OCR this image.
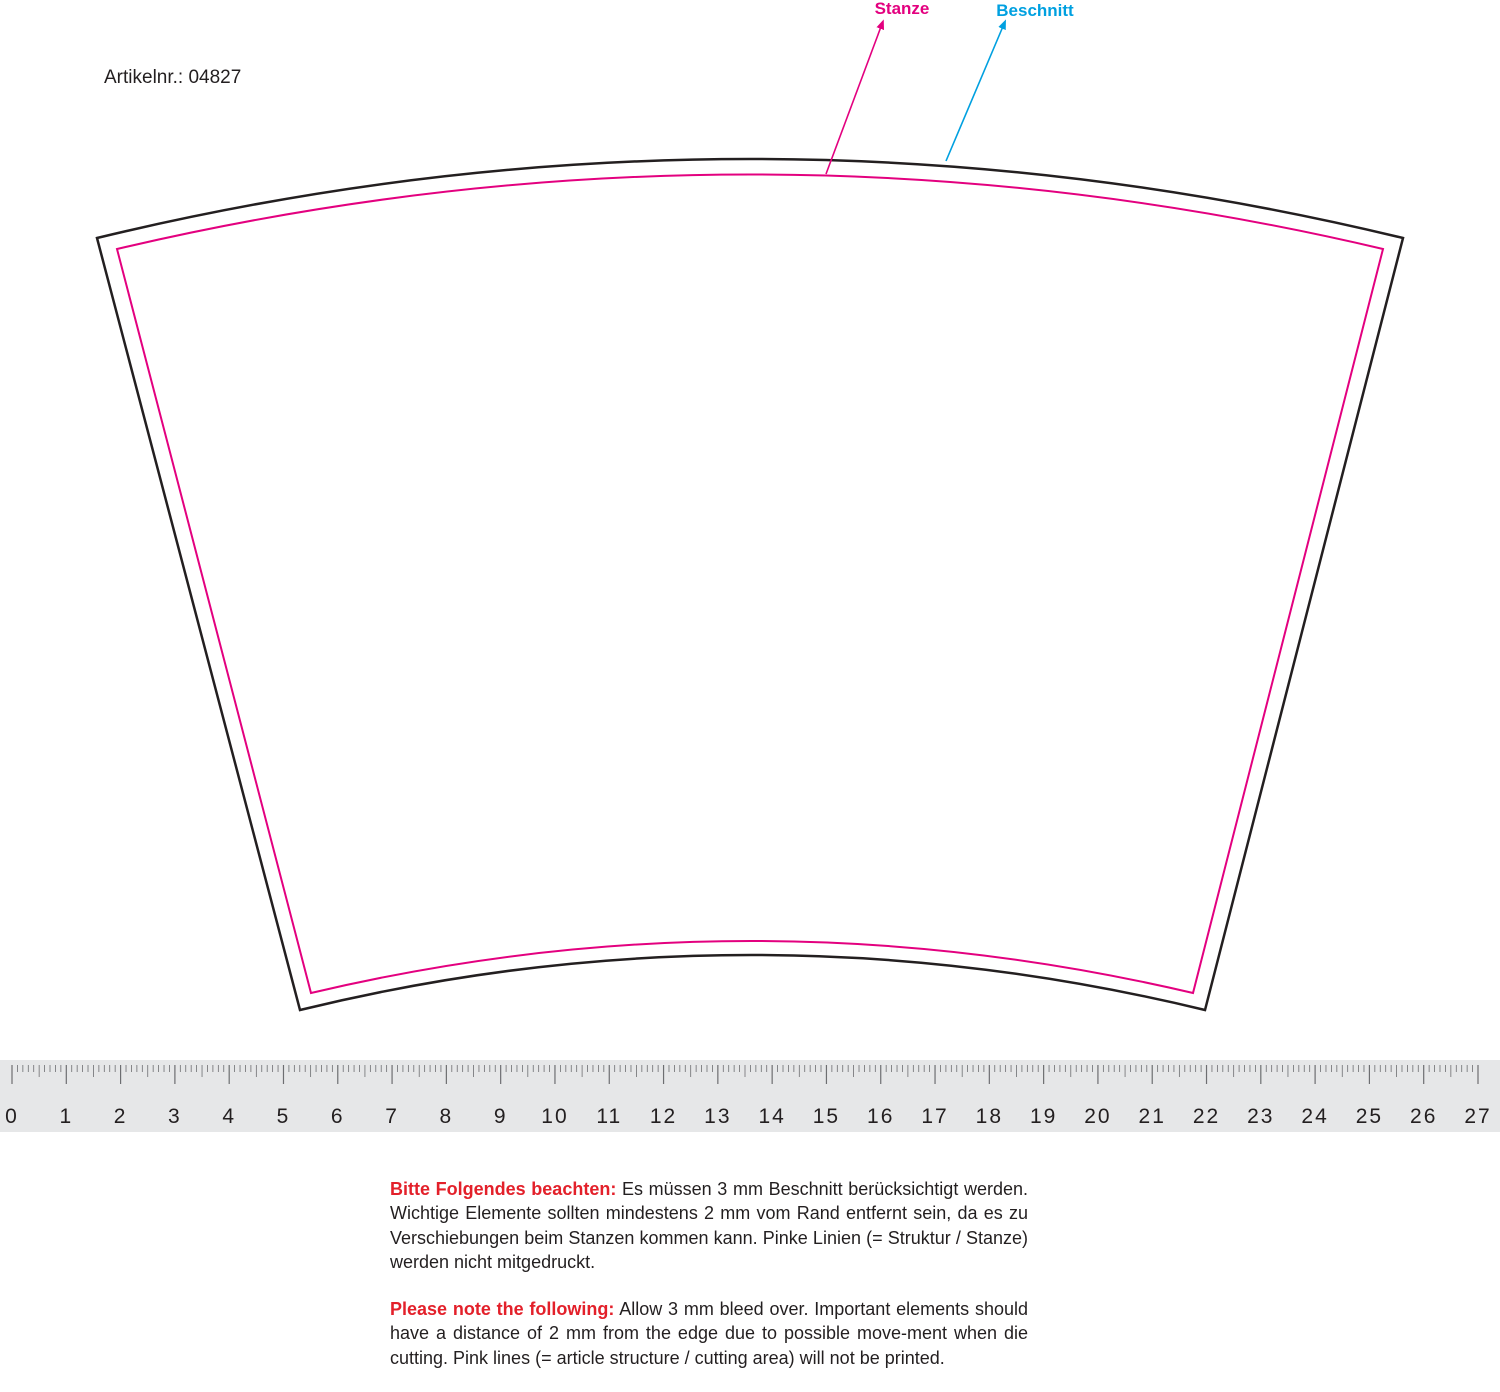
Artikelnr.: 04827
Stanze	Beschnitt
0 1 2 3 4 5 6 7 8 9 10 11 12 13 14 15 16 17 18 19 20 21 22 23 24 25 26 27

Bitte Folgendes beachten: Es müssen 3 mm Beschnitt berücksichtigt werden. Wichtige Elemente sollten mindestens 2 mm vom Rand entfernt sein, da es zu Verschiebungen beim Stanzen kommen kann. Pinke Linien (= Struktur / Stanze) werden nicht mitgedruckt.

Please note the following: Allow 3 mm bleed over. Important elements should have a distance of 2 mm from the edge due to possible move-ment when die cutting. Pink lines (= article structure / cutting area) will not be printed.
